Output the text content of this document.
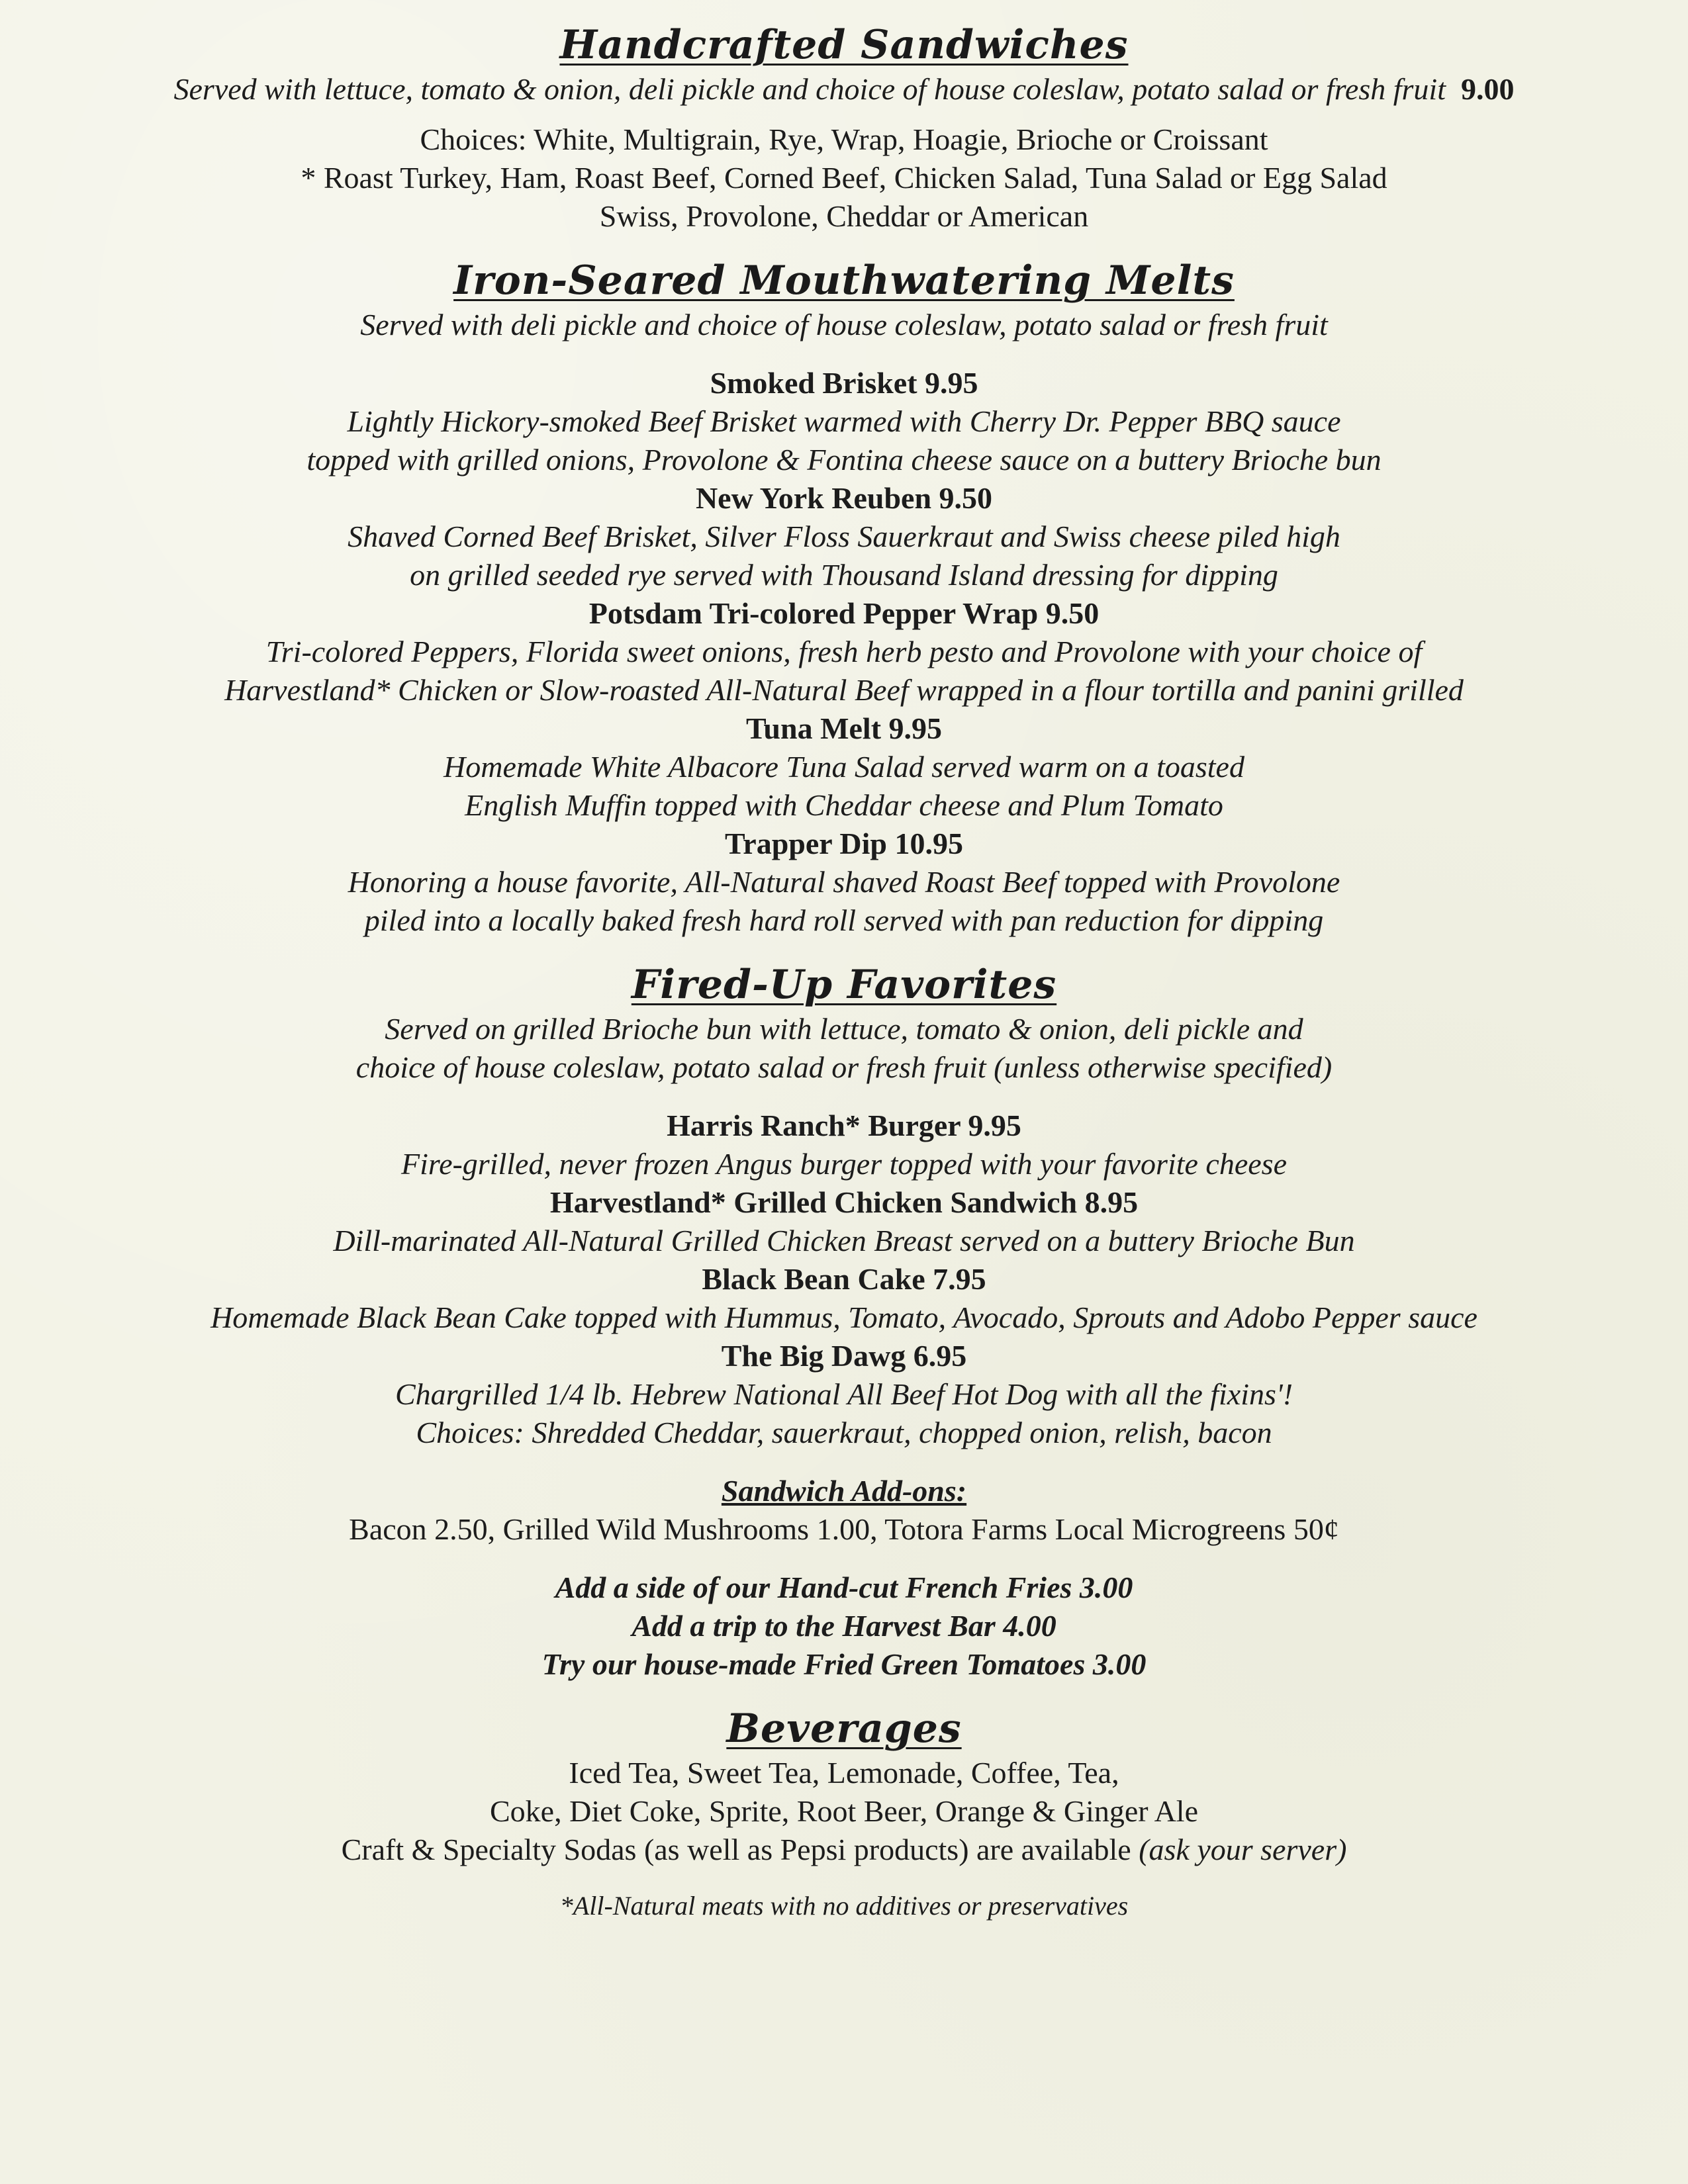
Handcrafted Sandwiches

Served with lettuce, tomato & onion, deli pickle and choice of house coleslaw, potato salad or fresh fruit 9.00

Choices: White, Multigrain, Rye, Wrap, Hoagie, Brioche or Croissant

* Roast Turkey, Ham, Roast Beef, Corned Beef, Chicken Salad, Tuna Salad or Egg Salad

Swiss, Provolone, Cheddar or American

Iron-Seared Mouthwatering Melts

Served with deli pickle and choice of house coleslaw, potato salad or fresh fruit

Smoked Brisket 9.95

Lightly Hickory-smoked Beef Brisket warmed with Cherry Dr. Pepper BBQ sauce

topped with grilled onions, Provolone & Fontina cheese sauce on a buttery Brioche bun

New York Reuben 9.50

Shaved Corned Beef Brisket, Silver Floss Sauerkraut and Swiss cheese piled high

on grilled seeded rye served with Thousand Island dressing for dipping

Potsdam Tri-colored Pepper Wrap 9.50

Tri-colored Peppers, Florida sweet onions, fresh herb pesto and Provolone with your choice of

Harvestland* Chicken or Slow-roasted All-Natural Beef wrapped in a flour tortilla and panini grilled

Tuna Melt 9.95

Homemade White Albacore Tuna Salad served warm on a toasted

English Muffin topped with Cheddar cheese and Plum Tomato

Trapper Dip 10.95

Honoring a house favorite, All-Natural shaved Roast Beef topped with Provolone

piled into a locally baked fresh hard roll served with pan reduction for dipping

Fired-Up Favorites

Served on grilled Brioche bun with lettuce, tomato & onion, deli pickle and

choice of house coleslaw, potato salad or fresh fruit (unless otherwise specified)

Harris Ranch* Burger 9.95

Fire-grilled, never frozen Angus burger topped with your favorite cheese

Harvestland* Grilled Chicken Sandwich 8.95

Dill-marinated All-Natural Grilled Chicken Breast served on a buttery Brioche Bun

Black Bean Cake 7.95

Homemade Black Bean Cake topped with Hummus, Tomato, Avocado, Sprouts and Adobo Pepper sauce

The Big Dawg 6.95

Chargrilled 1/4 lb. Hebrew National All Beef Hot Dog with all the fixins'!

Choices: Shredded Cheddar, sauerkraut, chopped onion, relish, bacon

Sandwich Add-ons:

Bacon 2.50, Grilled Wild Mushrooms 1.00, Totora Farms Local Microgreens 50¢

Add a side of our Hand-cut French Fries 3.00

Add a trip to the Harvest Bar 4.00

Try our house-made Fried Green Tomatoes 3.00

Beverages

Iced Tea, Sweet Tea, Lemonade, Coffee, Tea,

Coke, Diet Coke, Sprite, Root Beer, Orange & Ginger Ale

Craft & Specialty Sodas (as well as Pepsi products) are available (ask your server)

*All-Natural meats with no additives or preservatives
